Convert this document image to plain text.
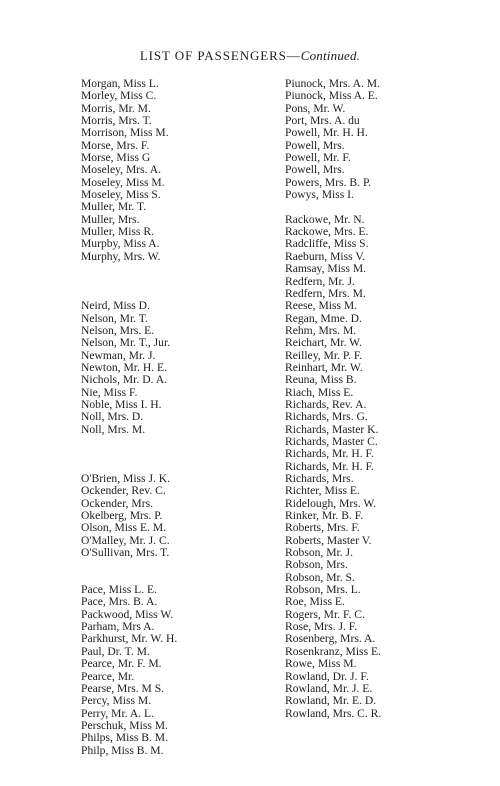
LIST OF PASSENGERS—Continued.
Morgan, Miss L.
Morley, Miss C.
Morris, Mr. M.
Morris, Mrs. T.
Morrison, Miss M.
Morse, Mrs. F.
Morse, Miss G
Moseley, Mrs. A.
Moseley, Miss M.
Moseley, Miss S.
Muller, Mr. T.
Muller, Mrs.
Muller, Miss R.
Murpby, Miss A.
Murphy, Mrs. W.
Neird, Miss D.
Nelson, Mr. T.
Nelson, Mrs. E.
Nelson, Mr. T., Jur.
Newman, Mr. J.
Newton, Mr. H. E.
Nichols, Mr. D. A.
Nie, Miss F.
Noble, Miss I. H.
Noll, Mrs. D.
Noll, Mrs. M.
O'Brien, Miss J. K.
Ockender, Rev. C.
Ockender, Mrs.
Okelberg, Mrs. P.
Olson, Miss E. M.
O'Malley, Mr. J. C.
O'Sullivan, Mrs. T.
Pace, Miss L. E.
Pace, Mrs. B. A.
Packwood, Miss W.
Parham, Mrs A.
Parkhurst, Mr. W. H.
Paul, Dr. T. M.
Pearce, Mr. F. M.
Pearce, Mr.
Pearse, Mrs. M S.
Percy, Miss M.
Perry, Mr. A. L.
Perschuk, Miss M.
Philps, Miss B. M.
Philp, Miss B. M.
Piunock, Mrs. A. M.
Piunock, Miss A. E.
Pons, Mr. W.
Port, Mrs. A. du
Powell, Mr. H. H.
Powell, Mrs.
Powell, Mr. F.
Powell, Mrs.
Powers, Mrs. B. P.
Powys, Miss I.
Rackowe, Mr. N.
Rackowe, Mrs. E.
Radcliffe, Miss S.
Raeburn, Miss V.
Ramsay, Miss M.
Redfern, Mr. J.
Redfern, Mrs. M.
Reese, Miss M.
Regan, Mme. D.
Rehm, Mrs. M.
Reichart, Mr. W.
Reilley, Mr. P. F.
Reinhart, Mr. W.
Reuna, Miss B.
Riach, Miss E.
Richards, Rev. A.
Richards, Mrs. G.
Richards, Master K.
Richards, Master C.
Richards, Mr. H. F.
Richards, Mr. H. F.
Richards, Mrs.
Richter, Miss E.
Ridelough, Mrs. W.
Rinker, Mr. B. F.
Roberts, Mrs. F.
Roberts, Master V.
Robson, Mr. J.
Robson, Mrs.
Robson, Mr. S.
Robson, Mrs. L.
Roe, Miss E.
Rogers, Mr. F. C.
Rose, Mrs. J. F.
Rosenberg, Mrs. A.
Rosenkranz, Miss E.
Rowe, Miss M.
Rowland, Dr. J. F.
Rowland, Mr. J. E.
Rowland, Mr. E. D.
Rowland, Mrs. C. R.
